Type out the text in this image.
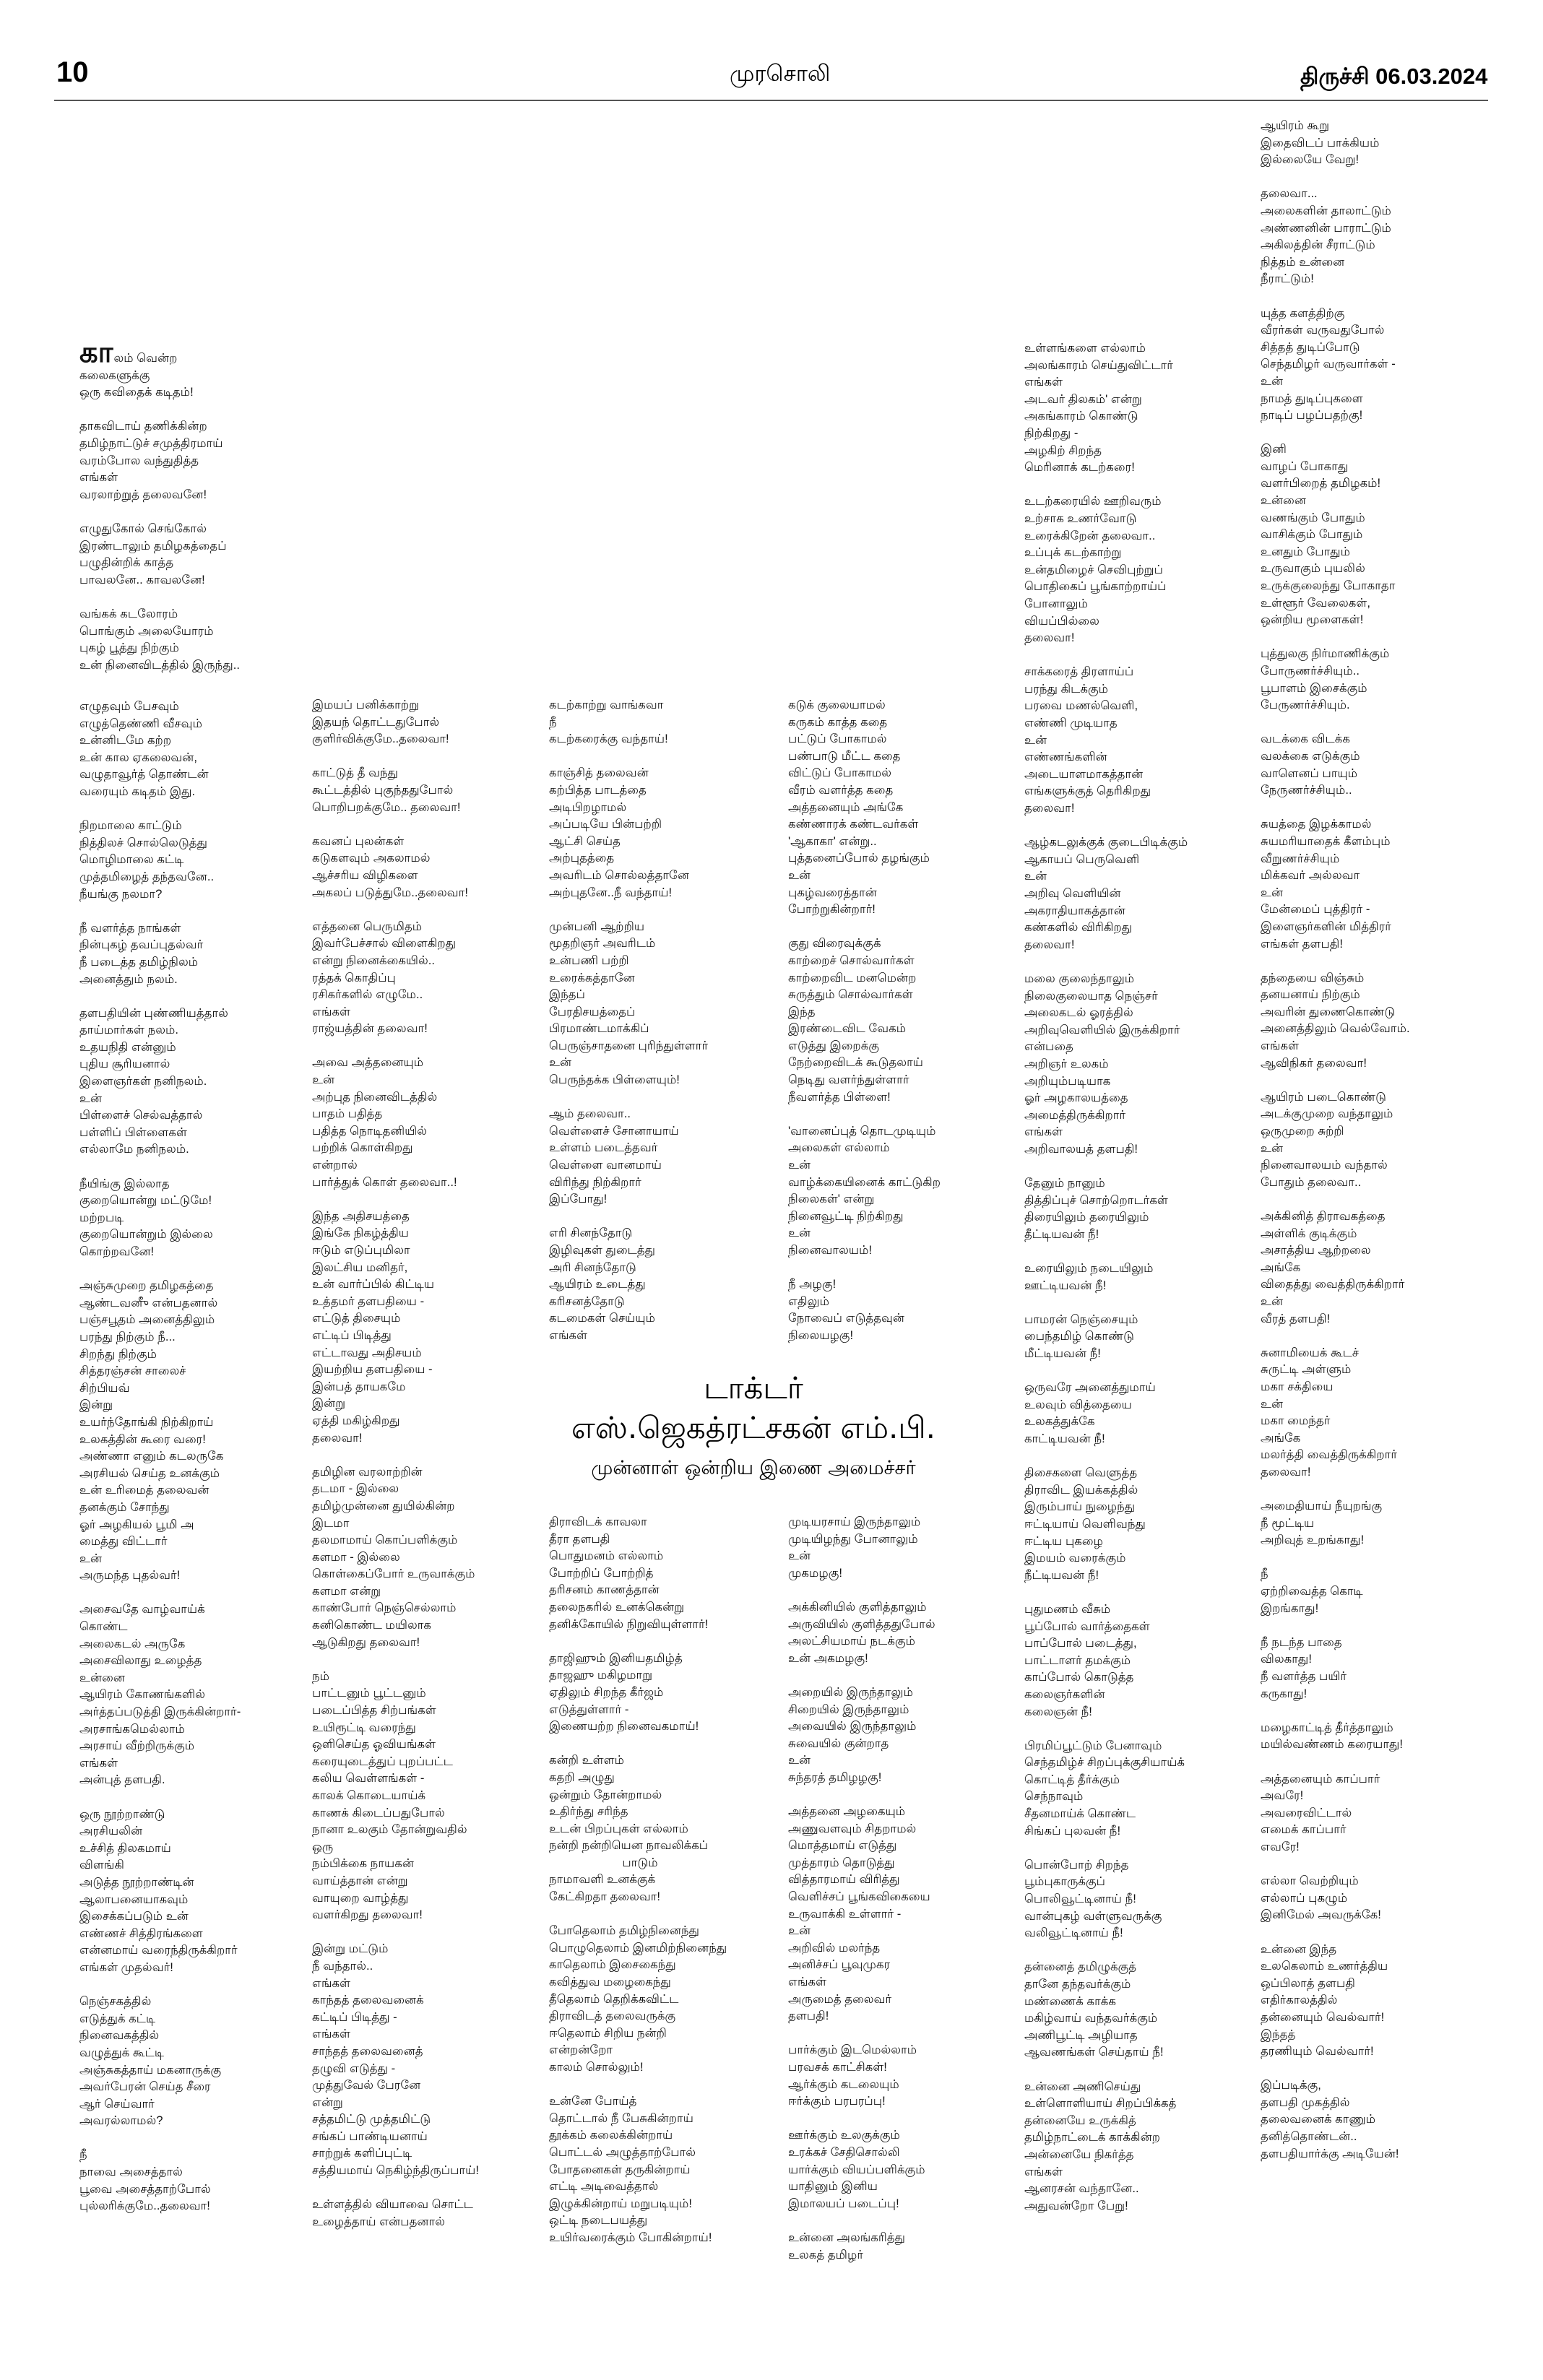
10	முரசொலி	திருச்சி 06.03.2024
காலம் வென்ற
கலைகளுக்கு
ஒரு கவிதைக் கடிதம்!

தாகவிடாய் தணிக்கின்ற
தமிழ்நாட்டுச் சமுத்திரமாய்
வரம்போல வந்துதித்த
எங்கள்
வரலாற்றுத் தலைவனே!

எழுதுகோல் செங்கோல்
இரண்டாலும் தமிழகத்தைப்
பழுதின்றிக் காத்த
பாவலனே.. காவலனே!

வங்கக் கடலோரம்
பொங்கும் அலையோரம்
புகழ் பூத்து நிற்கும்
உன் நினைவிடத்தில் இருந்து..
எழுதவும் பேசவும்
எழுத்தெண்ணி வீசவும்
உன்னிடமே கற்ற
உன் கால ஏகலைவன்,
வழுதாவூர்த் தொண்டன்
வரையும் கடிதம் இது.

நிறமாலை காட்டும்
நித்திலச் சொல்லெடுத்து
மொழிமாலை கட்டி
முத்தமிழைத் தந்தவனே..
நீயங்கு நலமா?

நீ வளர்த்த நாங்கள்
நின்புகழ் தவப்புதல்வர்
நீ படைத்த தமிழ்நிலம்
அனைத்தும் நலம்.

தளபதியின் புண்ணியத்தால்
தாய்மார்கள் நலம்.
உதயநிதி என்னும்
புதிய சூரியனால்
இளைஞர்கள் நனிநலம்.
உன்
பிள்ளைச் செல்வத்தால்
பள்ளிப் பிள்ளைகள்
எல்லாமே நனிநலம்.

நீயிங்கு இல்லாத
குறையொன்று மட்டுமே!
மற்றபடி
குறையொன்றும் இல்லை
கொற்றவனே!

அஞ்சுமுறை தமிழகத்தை
ஆண்டவனுீ என்பதனால்
பஞ்சபூதம் அனைத்திலும்
பரந்து நிற்கும் நீ...
சிறந்து நிற்கும்
சித்தரஞ்சன் சாலைச்
சிற்பியவ்
இன்று
உயர்ந்தோங்கி நிற்கிறாய்
உலகத்தின் கூரை வரை!
அண்ணா எனும் கடலருகே
அரசியல் செய்த உனக்கும்
உன் உரிமைத் தலைவன்
தனக்கும் சோந்து
ஓர் அழகியல் பூமி அ
மைத்து விட்டார்
உன்
அருமந்த புதல்வர்!

அசைவதே வாழ்வாய்க்
கொண்ட
அலைகடல் அருகே
அசைவிலாது உழைத்த
உன்னை
ஆயிரம் கோணங்களில்
அர்த்தப்படுத்தி இருக்கின்றார்-
அரசாங்கமெல்லாம்
அரசாய் வீற்றிருக்கும்
எங்கள்
அன்புத் தளபதி.

ஒரு நூற்றாண்டு
அரசியலின்
உச்சித் திலகமாய்
விளங்கி
அடுத்த நூற்றாண்டின்
ஆலாபனையாகவும்
இசைக்கப்படும் உன்
எண்ணச் சித்திரங்களை
என்னமாய் வரைந்திருக்கிறார்
எங்கள் முதல்வர்!

நெஞ்சகத்தில்
எடுத்துக் கட்டி
நினைவகத்தில்
வழுத்துக் கூட்டி
அஞ்சுகத்தாய் மகனாருக்கு
அவர்பேரன் செய்த சீரை
ஆர் செய்வார்
அவரல்லாமல்?

நீ
நாவை அசைத்தால்
பூவை அசைத்தாற்போல்
புல்லரிக்குமே..தலைவா!
இமயப் பனிக்காற்று
இதயந் தொட்டதுபோல்
குளிர்விக்குமே..தலைவா!

காட்டுத் தீ வந்து
கூட்டத்தில் புகுந்ததுபோல்
பொறிபறக்குமே.. தலைவா!

கவனப் புலன்கள்
கடுகளவும் அகலாமல்
ஆச்சரிய விழிகளை
அகலப் படுத்துமே..தலைவா!

எத்தனை பெருமிதம்
இவர்பேச்சால் விளைகிறது
என்று நினைக்கையில்..
ரத்தக் கொதிப்பு
ரசிகர்களில் எழுமே..
எங்கள்
ராஜ்யத்தின் தலைவா!

அவை அத்தனையும்
உன்
அற்புத நினைவிடத்தில்
பாதம் பதித்த
பதித்த நொடிதனியில்
பற்றிக் கொள்கிறது
என்றால்
பார்த்துக் கொள் தலைவா..!

இந்த அதிசயத்தை
இங்கே நிகழ்த்திய
ஈடும் எடுப்புமிலா
இலட்சிய மனிதர்,
உன் வார்ப்பில் கிட்டிய
உத்தமர் தளபதியை -
எட்டுத் திசையும்
எட்டிப் பிடித்து
எட்டாவது அதிசயம்
இயற்றிய தளபதியை -
இன்பத் தாயகமே
இன்று
ஏத்தி மகிழ்கிறது
தலைவா!

தமிழின வரலாற்றின்
தடமா - இல்லை
தமிழ்முன்னை துயில்கின்ற
இடமா
தலமாமாய் கொப்பளிக்கும்
களமா - இல்லை
கொள்கைப்போர் உருவாக்கும்
களமா என்று
காண்போர் நெஞ்செல்லாம்
கனிகொண்ட மயிலாக
ஆடுகிறது தலைவா!

நம்
பாட்டனும் பூட்டனும்
படைப்பித்த சிற்பங்கள்
உயிரூட்டி வரைந்து
ஒளிசெய்த ஓவியங்கள்
கரையுடைத்துப் புறப்பட்ட
கலிய வெள்ளங்கள் -
காலக் கொடையாய்க்
காணக் கிடைப்பதுபோல்
நானா உலகும் தோன்றுவதில்
ஒரு
நம்பிக்கை நாயகன்
வாய்த்தான் என்று
வாயுறை வாழ்த்து
வளர்கிறது தலைவா!

இன்று மட்டும்
நீ வந்தால்..
எங்கள்
காந்தத் தலைவனைக்
கட்டிப் பிடித்து -
எங்கள்
சாந்தத் தலைவனைத்
தழுவி எடுத்து -
முத்துவேல் பேரனே
என்று
சத்தமிட்டு முத்தமிட்டு
சங்கப் பாண்டியனாய்
சாற்றுக் களிப்புட்டி
சத்தியமாய் நெகிழ்ந்திருப்பாய்!

உள்ளத்தில் வியாவை சொட்ட
உழைத்தாய் என்பதனால்
கடற்காற்று வாங்கவா
நீ
கடற்கரைக்கு வந்தாய்!

காஞ்சித் தலைவன்
கற்பித்த பாடத்தை
அடிபிறழாமல்
அப்படியே பின்பற்றி
ஆட்சி செய்த
அற்புதத்தை
அவரிடம் சொல்லத்தானே
அற்புதனே..நீ வந்தாய்!

முன்பனி ஆற்றிய
மூதறிஞர் அவரிடம்
உன்பணி பற்றி
உரைக்கத்தானே
இந்தப்
பேரதிசயத்தைப்
பிரமாண்டமாக்கிப்
பெருஞ்சாதனை புரிந்துள்ளார்
உன்
பெருந்தக்க பிள்ளையும்!

ஆம் தலைவா..
வெள்ளைச் சோனாயாய்
உள்ளம் படைத்தவர்
வெள்ளை வானமாய்
விரிந்து நிற்கிறார்
இப்போது!

எரி சினந்தோடு
இழிவுகள் துடைத்து
அரி சினந்தோடு
ஆயிரம் உடைத்து
கரிசனத்தோடு
கடமைகள் செய்யும்
எங்கள்
கடுக் குலையாமல்
கருகம் காத்த கதை
பட்டுப் போகாமல்
பண்பாடு மீட்ட கதை
விட்டுப் போகாமல்
வீரம் வளர்த்த கதை
அத்தனையும் அங்கே
கண்ணாரக் கண்டவர்கள்
'ஆகாகா' என்று..
புத்தனைப்போல் தழங்கும்
உன்
புகழ்வரைத்தான்
போற்றுகின்றார்!

குது விரைவுக்குக்
காற்றைச் சொல்வார்கள்
காற்றைவிட மனமென்ற
சுருத்தும் சொல்வார்கள்
இந்த
இரண்டைவிட வேகம்
எடுத்து இறைக்கு
நேற்றைவிடக் கூடுதலாய்
நெடிது வளர்ந்துள்ளார்
நீவளர்த்த பிள்ளை!

'வானைப்புத் தொடமுடியும்
அலைகள் எல்லாம்
உன்
வாழ்க்கையினைக் காட்டுகிற
நிலைகள்' என்று
நினைவூட்டி நிற்கிறது
உன்
நினைவாலயம்!

நீ அழகு!
எதிலும்
நோவைப் எடுத்தவுன்
நிலையழகு!
டாக்டர்
எஸ்.ஜெகத்ரட்சகன் எம்.பி.
முன்னாள் ஒன்றிய இணை அமைச்சர்
திராவிடக் காவலா
தீரா தளபதி
பொதுமனம் எல்லாம்
போற்றிப் போற்றித்
தரிசனம் காணத்தான்
தலைநகரில் உனக்கென்று
தனிக்கோயில் நிறுவியுள்ளார்!

தாஜிஹும் இனியதமிழ்த்
தாஜஹு மகிழமாறு
ஏதிலும் சிறந்த கீர்ஜம்
எடுத்துள்ளார் -
இணையற்ற நினைவகமாய்!

கன்றி உள்ளம்
கதறி அழுது
ஒன்றும் தோன்றாமல்
உதிர்ந்து சரிந்த
உடன் பிறப்புகள் எல்லாம்
நன்றி நன்றியென நாவலிக்கப்
பாடும்
நாமாவளி உனக்குக்
கேட்கிறதா தலைவா!

போதெலாம் தமிழ்நினைந்து
பொழுதெலாம் இனமிற்நினைந்து
காதெலாம் இசைகைந்து
கவித்துவ மழைகைந்து
தீதெலாம் தெறிக்கவிட்ட
திராவிடத் தலைவருக்கு
ஈதெலாம் சிறிய நன்றி
என்றன்றோ
காலம் சொல்லும்!

உன்னே போய்த்
தொட்டால் நீ பேசுகின்றாய்
தூக்கம் கலைக்கின்றாய்
பொட்டல் அழுத்தாற்போல்
போதனைகள் தருகின்றாய்
எட்டி அடிவைத்தால்
இழுக்கின்றாய் மறுபடியும்!
ஒட்டி நடைபயத்து
உயிர்வரைக்கும் போகின்றாய்!
முடியரசாய் இருந்தாலும்
முடியிழந்து போனாலும்
உன்
முகமழகு!

அக்கினியில் குளித்தாலும்
அருவியில் குளித்ததுபோல்
அலட்சியமாய் நடக்கும்
உன் அகமழகு!

அறையில் இருந்தாலும்
சிறையில் இருந்தாலும்
அவையில் இருந்தாலும்
சுவையில் குன்றாத
உன்
சுந்தரத் தமிழழகு!

அத்தனை அழகையும்
அணுவளவும் சிதறாமல்
மொத்தமாய் எடுத்து
முத்தாரம் தொடுத்து
வித்தாரமாய் விரித்து
வெளிச்சப் பூங்கவிகையை
உருவாக்கி உள்ளார் -
உன்
அறிவில் மலர்ந்த
அனிச்சப் பூவுமுகர
எங்கள்
அருமைத் தலைவர்
தளபதி!

பார்க்கும் இடமெல்லாம்
பரவசக் காட்சிகள்!
ஆர்க்கும் கடலையும்
ஈர்க்கும் பரபரப்பு!

ஊர்க்கும் உலகுக்கும்
உரக்கச் சேதிசொல்லி
யார்க்கும் வியப்பளிக்கும்
யாதினும் இனிய
இமாலயப் படைப்பு!

உன்னை அலங்கரித்து
உலகத் தமிழர்
உள்ளங்களை எல்லாம்
அலங்காரம் செய்துவிட்டார்
எங்கள்
அடவர் திலகம்' என்று
அகங்காரம் கொண்டு
நிற்கிறது -
அழகிற் சிறந்த
மெரினாக் கடற்கரை!

உடற்கரையில் ஊறிவரும்
உற்சாக உணர்வோடு
உரைக்கிறேன் தலைவா..
உப்புக் கடற்காற்று
உன்தமிழைச் செவிபுற்றுப்
பொதிகைப் பூங்காற்றாய்ப்
போனாலும்
வியப்பில்லை
தலைவா!

சாக்கரைத் திரளாய்ப்
பரந்து கிடக்கும்
பரவை மணல்வெளி,
எண்ணி முடியாத
உன்
எண்ணங்களின்
அடையாளமாகத்தான்
எங்களுக்குத் தெரிகிறது
தலைவா!

ஆழ்கடலுக்குக் குடைபிடிக்கும்
ஆகாயப் பெருவெளி
உன்
அறிவு வெளியின்
அகராதியாகத்தான்
கண்களில் விரிகிறது
தலைவா!

மலை குலைந்தாலும்
நிலைகுலையாத நெஞ்சர்
அலைகடல் ஓரத்தில்
அறிவுவெளியில் இருக்கிறார்
என்பதை
அறிஞர் உலகம்
அறியும்படியாக
ஓர் அழகாலயத்தை
அமைத்திருக்கிறார்
எங்கள்
அறிவாலயத் தளபதி!

தேனும் நானும்
தித்திப்புச் சொற்றொடர்கள்
திரையிலும் தரையிலும்
தீட்டியவன் நீ!

உரையிலும் நடையிலும்
ஊட்டியவன் நீ!

பாமரன் நெஞ்சையும்
பைந்தமிழ் கொண்டு
மீட்டியவன் நீ!

ஒருவரே அனைத்துமாய்
உலவும் வித்தையை
உலகத்துக்கே
காட்டியவன் நீ!

திசைகளை வெளுத்த
திராவிட இயக்கத்தில்
இரும்பாய் நுழைந்து
ஈட்டியாய் வெளிவந்து
ஈட்டிய புகழை
இமயம் வரைக்கும்
நீட்டியவன் நீ!

புதுமணம் வீசும்
பூப்போல் வார்த்தைகள்
பாப்போல் படைத்து,
பாட்டாளர் தமக்கும்
காப்போல் கொடுத்த
கலைஞர்களின்
கலைஞன் நீ!

பிரமிப்பூட்டும் பேனாவும்
செந்தமிழ்ச் சிறப்புக்குசியாய்க்
கொட்டித் தீர்க்கும்
செந்நாவும்
சீதனமாய்க் கொண்ட
சிங்கப் புலவன் நீ!

பொன்போற் சிறந்த
பூம்புகாருக்குப்
பொலிவூட்டினாய் நீ!
வான்புகழ் வள்ளுவருக்கு
வலிவூட்டினாய் நீ!

தன்னைத் தமிழுக்குத்
தானே தந்தவர்க்கும்
மண்ணைக் காக்க
மகிழ்வாய் வந்தவர்க்கும்
அணிபூட்டி அழியாத
ஆவணங்கள் செய்தாய் நீ!

உன்னை அணிசெய்து
உள்ளொளியாய் சிறப்பிக்கத்
தன்னையே உருக்கித்
தமிழ்நாட்டைக் காக்கின்ற
அன்னையே நிகர்த்த
எங்கள்
ஆனரசன் வந்தானே..
அதுவன்றோ பேறு!
ஆயிரம் கூறு
இதைவிடப் பாக்கியம்
இல்லையே வேறு!

தலைவா...
அலைகளின் தாலாட்டும்
அண்ணனின் பாராட்டும்
அகிலத்தின் சீராட்டும்
நித்தம் உன்னை
நீராட்டும்!

யுத்த களத்திற்கு
வீரர்கள் வருவதுபோல்
சித்தத் துடிப்போடு
செந்தமிழர் வருவார்கள் -
உன்
நாமத் துடிப்புகளை
நாடிப் பழப்பதற்கு!

இனி
வாழப் போகாது
வளர்பிறைத் தமிழகம்!
உன்னை
வணங்கும் போதும்
வாசிக்கும் போதும்
உனதும் போதும்
உருவாகும் புயலில்
உருக்குலைந்து போகாதா
உள்ளூர் வேலைகள்,
ஒன்றிய மூளைகள்!

புத்துலகு நிர்மாணிக்கும்
போருணர்ச்சியும்..
பூபாளம் இசைக்கும்
பேருணர்ச்சியும்.

வடக்கை விடக்க
வலக்கை எடுக்கும்
வாளெனப் பாயும்
நேருணர்ச்சியும்..

சுயத்தை இழக்காமல்
சுயமரியாதைக் கீளம்பும்
வீறுணர்ச்சியும்
மிக்கவர் அல்லவா
உன்
மேன்மைப் புத்திரர் -
இளைஞர்களின் மித்திரர்
எங்கள் தளபதி!

தந்தையை விஞ்சும்
தனயனாய் நிற்கும்
அவரின் துணைகொண்டு
அனைத்திலும் வெல்வோம்.
எங்கள்
ஆவிநிகர் தலைவா!

ஆயிரம் படைகொண்டு
அடக்குமுறை வந்தாலும்
ஒருமுறை சுற்றி
உன்
நினைவாலயம் வந்தால்
போதும் தலைவா..

அக்கினித் திராவகத்தை
அள்ளிக் குடிக்கும்
அசாத்திய ஆற்றலை
அங்கே
விதைத்து வைத்திருக்கிறார்
உன்
வீரத் தளபதி!

சுனாமியைக் கூடச்
சுருட்டி அள்ளும்
மகா சக்தியை
உன்
மகா மைந்தர்
அங்கே
மலர்த்தி வைத்திருக்கிறார்
தலைவா!

அமைதியாய் நீயுறங்கு
நீ மூட்டிய
அறிவுத் உறங்காது!

நீ
ஏற்றிவைத்த கொடி
இறங்காது!

நீ நடந்த பாதை
விலகாது!
நீ வளர்த்த பயிர்
கருகாது!

மழைகாட்டித் தீர்த்தாலும்
மயில்வண்ணம் கரையாது!

அத்தனையும் காப்பார்
அவரே!
அவரைவிட்டால்
எமைக் காப்பார்
எவரே!

எல்லா வெற்றியும்
எல்லாப் புகழும்
இனிமேல் அவருக்கே!

உன்னை இந்த
உலகெலாம் உணர்த்திய
ஒப்பிலாத் தளபதி
எதிர்காலத்தில்
தன்னையும் வெல்வார்!
இந்தத்
தரணியும் வெல்வார்!

இப்படிக்கு,
தளபதி முகத்தில்
தலைவனைக் காணும்
தனித்தொண்டன்..
தளபதியார்க்கு அடியேன்!
